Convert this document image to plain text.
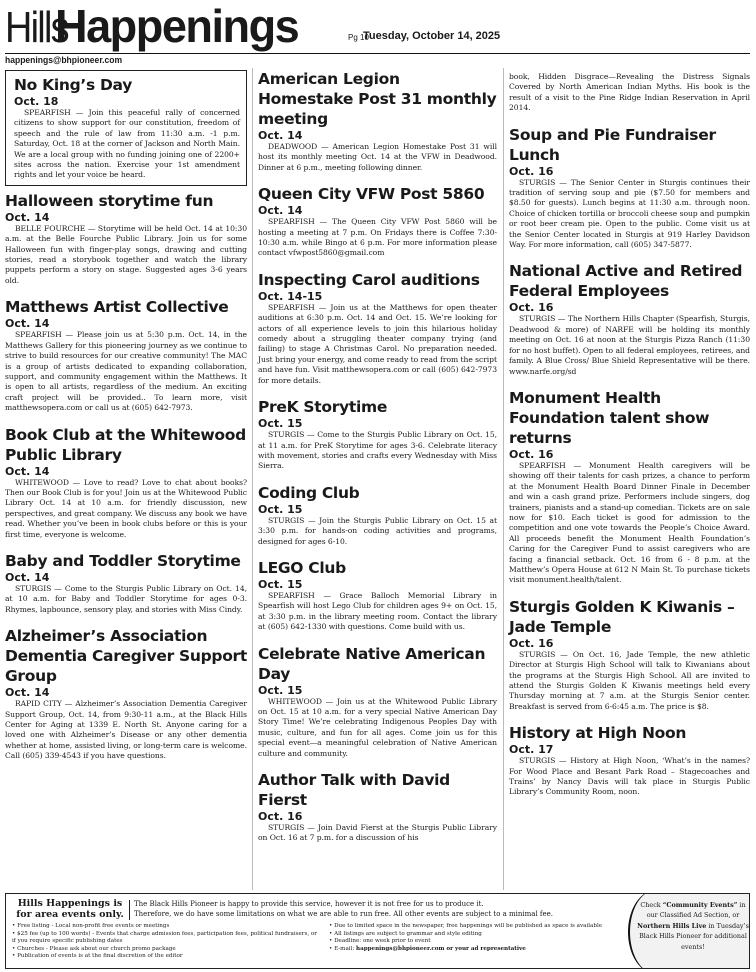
HillsHappenings	Pg 10
Tuesday, October 14, 2025
happenings@bhpioneer.com
No King’s Day
Oct. 18

SPEARFISH — Join this peaceful rally of concerned citizens to show support for our constitution, freedom of speech and the rule of law from 11:30 a.m. -1 p.m. Saturday, Oct. 18 at the corner of Jackson and North Main. We are a local group with no funding joining one of 2200+ sites across the nation. Exercise your 1st amendment rights and let your voice be heard.

Halloween storytime fun
Oct. 14

BELLE FOURCHE — Storytime will be held Oct. 14 at 10:30 a.m. at the Belle Fourche Public Library. Join us for some Halloween fun with finger-play songs, drawing and cutting stories, read a storybook together and watch the library puppets perform a story on stage. Suggested ages 3-6 years old.

Matthews Artist Collective
Oct. 14

SPEARFISH — Please join us at 5:30 p.m. Oct. 14, in the Matthews Gallery for this pioneering journey as we continue to strive to build resources for our creative community! The MAC is a group of artists dedicated to expanding collaboration, support, and community engagement within the Matthews. It is open to all artists, regardless of the medium. An exciting craft project will be provided.. To learn more, visit matthewsopera.com or call us at (605) 642-7973.

Book Club at the Whitewood Public Library
Oct. 14

WHITEWOOD — Love to read? Love to chat about books? Then our Book Club is for you! Join us at the Whitewood Public Library Oct. 14 at 10 a.m. for friendly discussion, new perspectives, and great company. We discuss any book we have read. Whether you’ve been in book clubs before or this is your first time, everyone is welcome.

Baby and Toddler Storytime
Oct. 14

STURGIS — Come to the Sturgis Public Library on Oct. 14, at 10 a.m. for Baby and Toddler Storytime for ages 0-3. Rhymes, lapbounce, sensory play, and stories with Miss Cindy.

Alzheimer’s Association Dementia Caregiver Support Group
Oct. 14

RAPID CITY — Alzheimer’s Association Dementia Caregiver Support Group, Oct. 14, from 9:30-11 a.m., at the Black Hills Center for Aging at 1339 E. North St. Anyone caring for a loved one with Alzheimer’s Disease or any other dementia whether at home, assisted living, or long-term care is welcome. Call (605) 339-4543 if you have questions.

American Legion Homestake Post 31 monthly meeting
Oct. 14

DEADWOOD — American Legion Homestake Post 31 will host its monthly meeting Oct. 14 at the VFW in Deadwood. Dinner at 6 p.m., meeting following dinner.

Queen City VFW Post 5860
Oct. 14

SPEARFISH — The Queen City VFW Post 5860 will be hosting a meeting at 7 p.m. On Fridays there is Coffee 7:30-10:30 a.m. while Bingo at 6 p.m. For more information please contact vfwpost5860@gmail.com

Inspecting Carol auditions
Oct. 14-15

SPEARFISH — Join us at the Matthews for open theater auditions at 6:30 p.m. Oct. 14 and Oct. 15. We’re looking for actors of all experience levels to join this hilarious holiday comedy about a struggling theater company trying (and failing) to stage A Christmas Carol. No preparation needed. Just bring your energy, and come ready to read from the script and have fun. Visit matthewsopera.com or call (605) 642-7973 for more details.

PreK Storytime
Oct. 15

STURGIS — Come to the Sturgis Public Library on Oct. 15, at 11 a.m. for PreK Storytime for ages 3-6. Celebrate literacy with movement, stories and crafts every Wednesday with Miss Sierra.

Coding Club
Oct. 15

STURGIS — Join the Sturgis Public Library on Oct. 15 at 3:30 p.m. for hands-on coding activities and programs, designed for ages 6-10.

LEGO Club
Oct. 15

SPEARFISH — Grace Balloch Memorial Library in Spearfish will host Lego Club for children ages 9+ on Oct. 15, at 3:30 p.m. in the library meeting room. Contact the library at (605) 642-1330 with questions. Come build with us.

Celebrate Native American Day
Oct. 15

WHITEWOOD — Join us at the Whitewood Public Library on Oct. 15 at 10 a.m. for a very special Native American Day Story Time! We’re celebrating Indigenous Peoples Day with music, culture, and fun for all ages. Come join us for this special event—a meaningful celebration of Native American culture and community.

Author Talk with David Fierst
Oct. 16

STURGIS — Join David Fierst at the Sturgis Public Library on Oct. 16 at 7 p.m. for a discussion of his

book, Hidden Disgrace—Revealing the Distress Signals Covered by North American Indian Myths. His book is the result of a visit to the Pine Ridge Indian Reservation in April 2014.

Soup and Pie Fundraiser Lunch
Oct. 16

STURGIS — The Senior Center in Sturgis continues their tradition of serving soup and pie ($7.50 for members and $8.50 for guests). Lunch begins at 11:30 a.m. through noon. Choice of chicken tortilla or broccoli cheese soup and pumpkin or root beer cream pie. Open to the public. Come visit us at the Senior Center located in Sturgis at 919 Harley Davidson Way. For more information, call (605) 347-5877.

National Active and Retired Federal Employees
Oct. 16

STURGIS — The Northern Hills Chapter (Spearfish, Sturgis, Deadwood & more) of NARFE will be holding its monthly meeting on Oct. 16 at noon at the Sturgis Pizza Ranch (11:30 for no host buffet). Open to all federal employees, retirees, and family. A Blue Cross/ Blue Shield Representative will be there. www.narfe.org/sd

Monument Health Foundation talent show returns
Oct. 16

SPEARFISH — Monument Health caregivers will be showing off their talents for cash prizes, a chance to perform at the Monument Health Board Dinner Finale in December and win a cash grand prize. Performers include singers, dog trainers, pianists and a stand-up comedian. Tickets are on sale now for $10. Each ticket is good for admission to the competition and one vote towards the People’s Choice Award. All proceeds benefit the Monument Health Foundation’s Caring for the Caregiver Fund to assist caregivers who are facing a financial setback. Oct. 16 from 6 - 8 p.m. at the Matthew’s Opera House at 612 N Main St. To purchase tickets visit monument.health/talent.

Sturgis Golden K Kiwanis – Jade Temple
Oct. 16

STURGIS — On Oct. 16, Jade Temple, the new athletic Director at Sturgis High School will talk to Kiwanians about the programs at the Sturgis High School. All are invited to attend the Sturgis Golden K Kiwanis meetings held every Thursday morning at 7 a.m. at the Sturgis Senior center. Breakfast is served from 6-6:45 a.m. The price is $8.

History at High Noon
Oct. 17

STURGIS — History at High Noon, ‘What’s in the names? For Wood Place and Besant Park Road – Stagecoaches and Trains’ by Nancy Davis will tak place in Sturgis Public Library’s Community Room, noon.

Hills Happenings is for area events only.
The Black Hills Pioneer is happy to provide this service, however it is not free for us to produce it.
Therefore, we do have some limitations on what we are able to run free. All other events are subject to a minimal fee.
• Free listing - Local non-profit free events or meetings
• $25 fee (up to 100 words) - Events that charge admission fees, participation fees, political fundraisers, or if you require specific publishing dates
• Churches - Please ask about our church promo package
• Publication of events is at the final discretion of the editor
• Due to limited space in the newspaper, free happenings will be published as space is available
• All listings are subject to grammar and style editing
• Deadline: one week prior to event
• E-mail: happenings@bhpioneer.com or your ad representative
Check “Community Events” in our Classified Ad Section, or Northern Hills Live in Tuesday’s Black Hills Pioneer for additional events!
